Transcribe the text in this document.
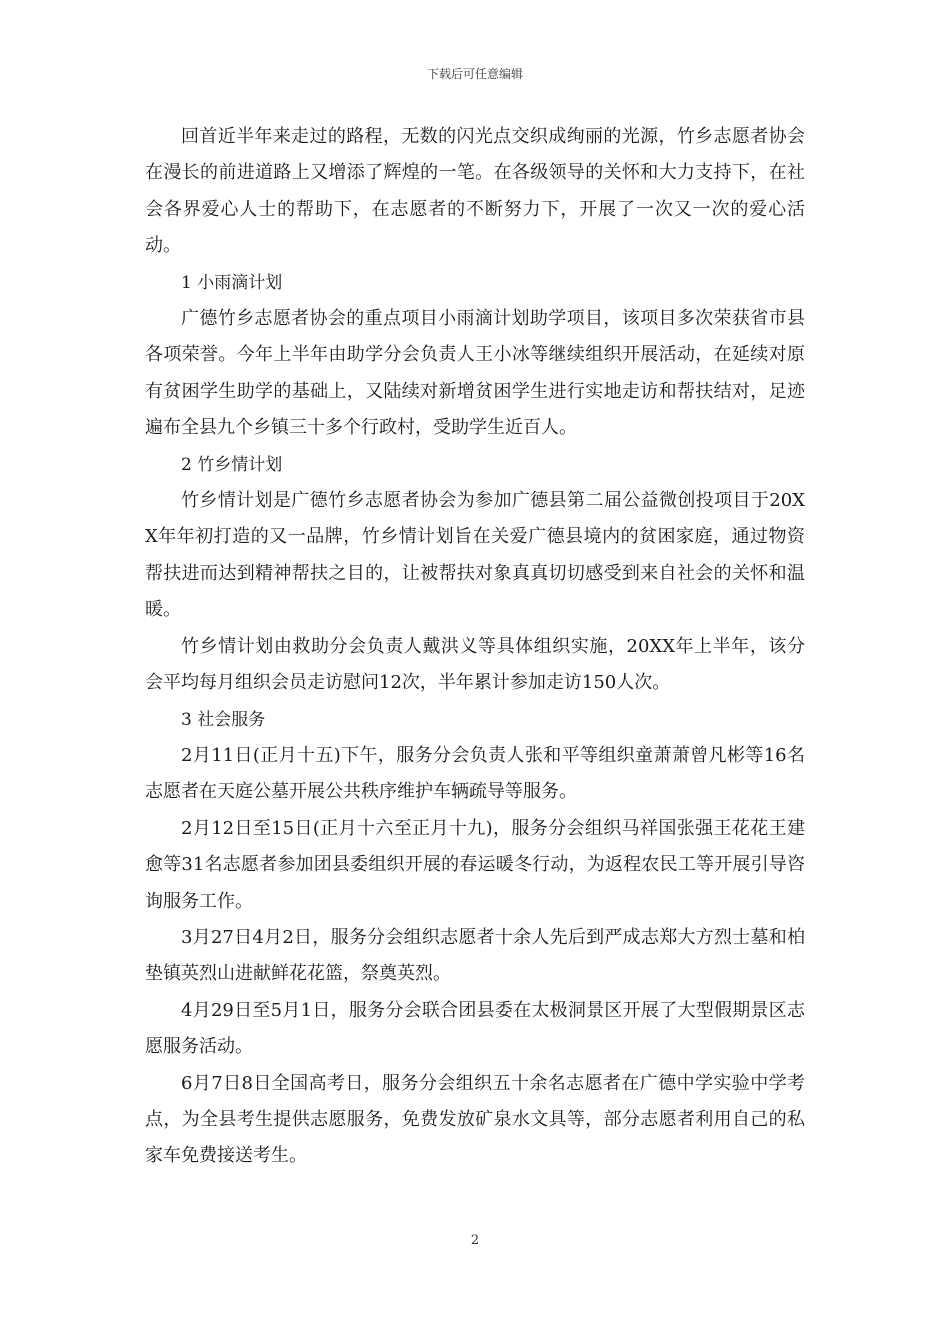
下载后可任意编辑

回首近半年来走过的路程，无数的闪光点交织成绚丽的光源，竹乡志愿者协会在漫长的前进道路上又增添了辉煌的一笔。在各级领导的关怀和大力支持下，在社会各界爱心人士的帮助下，在志愿者的不断努力下，开展了一次又一次的爱心活动。

1 小雨滴计划

广德竹乡志愿者协会的重点项目小雨滴计划助学项目，该项目多次荣获省市县各项荣誉。今年上半年由助学分会负责人王小冰等继续组织开展活动，在延续对原有贫困学生助学的基础上，又陆续对新增贫困学生进行实地走访和帮扶结对，足迹遍布全县九个乡镇三十多个行政村，受助学生近百人。

2 竹乡情计划

竹乡情计划是广德竹乡志愿者协会为参加广德县第二届公益微创投项目于20XX年年初打造的又一品牌，竹乡情计划旨在关爱广德县境内的贫困家庭，通过物资帮扶进而达到精神帮扶之目的，让被帮扶对象真真切切感受到来自社会的关怀和温暖。

竹乡情计划由救助分会负责人戴洪义等具体组织实施，20XX年上半年，该分会平均每月组织会员走访慰问12次，半年累计参加走访150人次。

3 社会服务

2月11日(正月十五)下午，服务分会负责人张和平等组织童萧萧曾凡彬等16名志愿者在天庭公墓开展公共秩序维护车辆疏导等服务。

2月12日至15日(正月十六至正月十九)，服务分会组织马祥国张强王花花王建愈等31名志愿者参加团县委组织开展的春运暖冬行动，为返程农民工等开展引导咨询服务工作。

3月27日4月2日，服务分会组织志愿者十余人先后到严成志郑大方烈士墓和柏垫镇英烈山进献鲜花花篮，祭奠英烈。

4月29日至5月1日，服务分会联合团县委在太极洞景区开展了大型假期景区志愿服务活动。

6月7日8日全国高考日，服务分会组织五十余名志愿者在广德中学实验中学考点，为全县考生提供志愿服务，免费发放矿泉水文具等，部分志愿者利用自己的私家车免费接送考生。

2
